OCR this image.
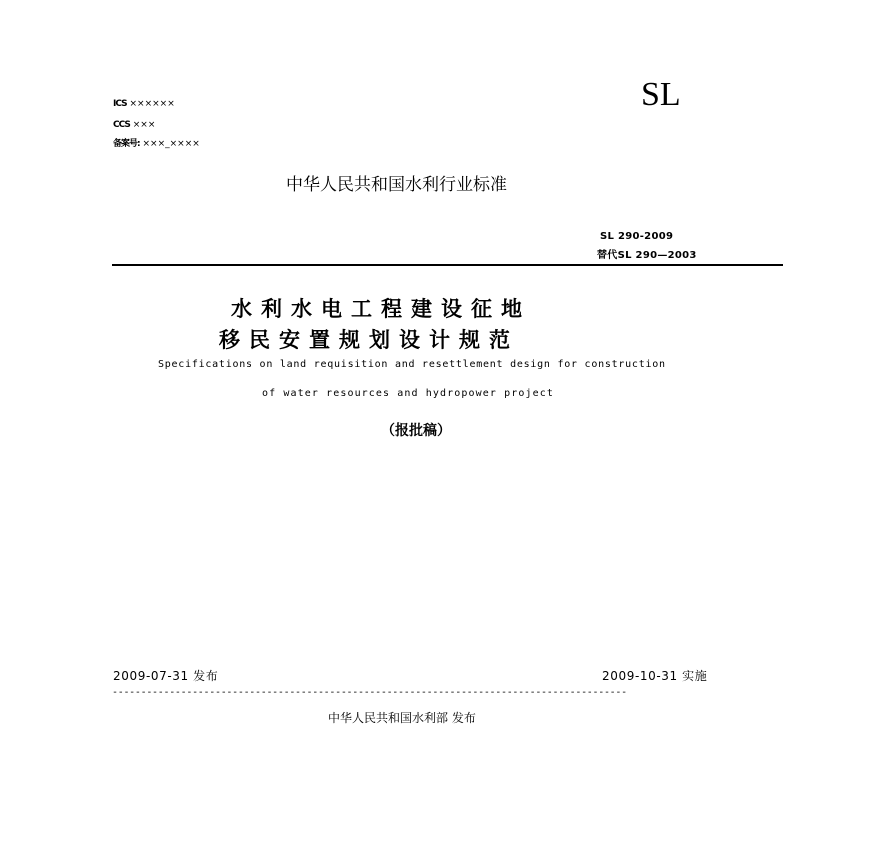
ICS ××××××
CCS ×××
备案号: ×××_××××
SL
中华人民共和国水利行业标准
SL 290-2009
替代SL 290—2003
水利水电工程建设征地
移民安置规划设计规范
Specifications on land requisition and resettlement design for construction
of water resources and hydropower project
（报批稿）
2009-07-31 发布	2009-10-31 实施
------------------------------------------------------------------------------------------
中华人民共和国水利部 发布
